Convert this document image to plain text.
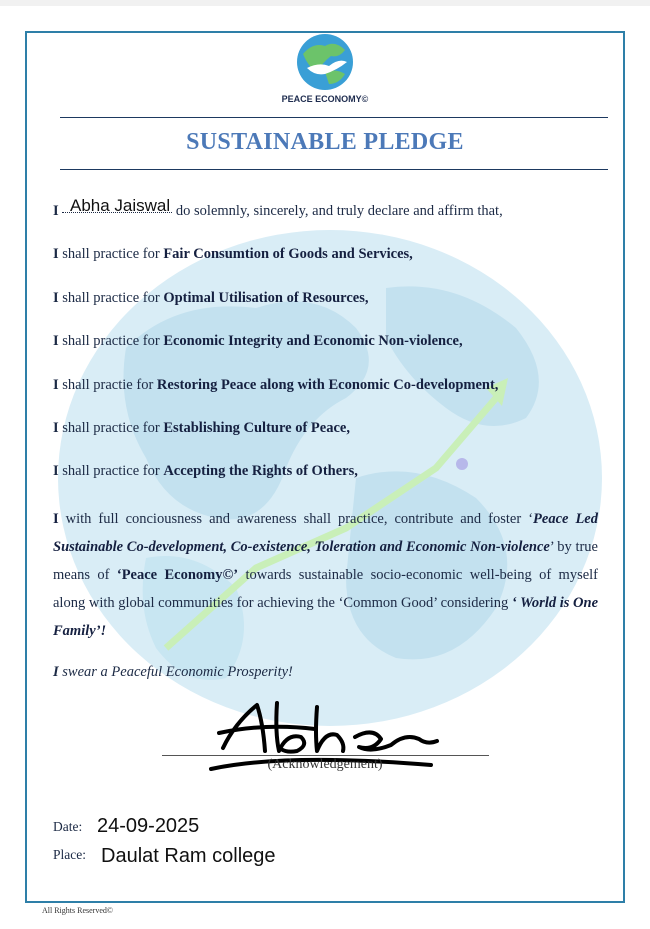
PEACE ECONOMY©
SUSTAINABLE PLEDGE
I	do solemnly, sincerely, and truly declare and affirm that,
Abha Jaiswal
I shall practice for Fair Consumtion of Goods and Services,
I shall practice for Optimal Utilisation of Resources,
I shall practice for Economic Integrity and Economic Non-violence,
I shall practie for Restoring Peace along with Economic Co-development,
I shall practice for Establishing Culture of Peace,
I shall practice for Accepting the Rights of Others,
I with full conciousness and awareness shall practice, contribute and foster ‘Peace Led Sustainable Co-development, Co-existence, Toleration and Economic Non-violence’ by true means of ‘Peace Economy©’ towards sustainable socio-economic well-being of myself along with global communities for achieving the ‘Common Good’ considering ‘ World is One Family’!
I swear a Peaceful Economic Prosperity!
(Acknowledgement)
Date: 24-09-2025
Place: Daulat Ram college
All Rights Reserved©
